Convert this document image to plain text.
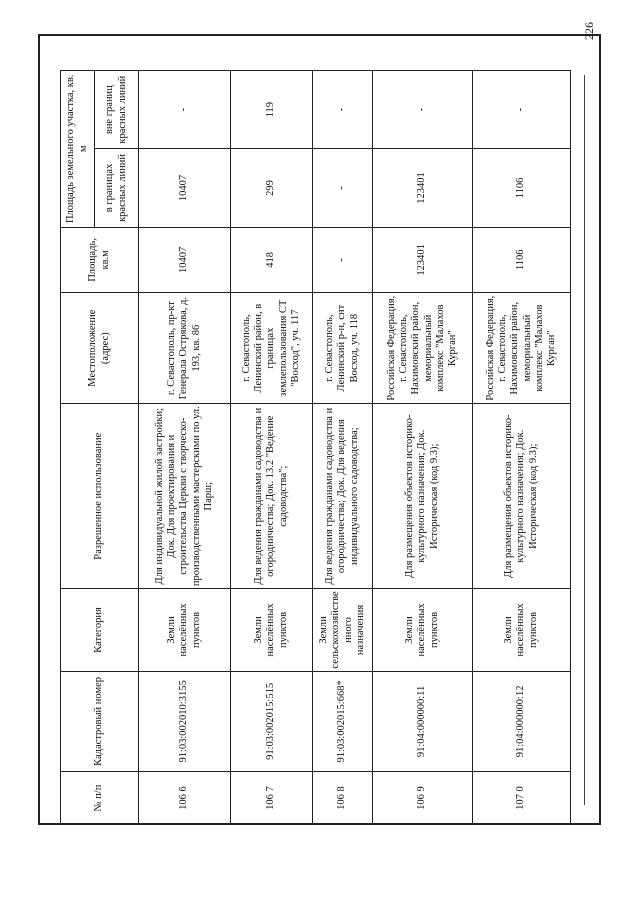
226
№ п/п	Кадастровый номер	Категория	Разрешенное использование	Местоположение (адрес)	Площадь, кв.м	Площадь земельного участка, кв. м	
						в границах красных линий	вне границ красных линий
106 6	91:03:002010:3155	Земли населённых пунктов	Для индивидуальной жилой застройки; Док. Для проектирования и строительства Церкви с творческо-производственными мастерскими по ул. Парш;	г. Севастополь, пр-кт Генерала Острякова, д. 193, кв. 86	10407	10407	-
106 7	91:03:002015:515	Земли населённых пунктов	Для ведения гражданами садоводства и огородничества; Док. 13.2 "Ведение садоводства";	г. Севастополь, Ленинский район, в границах землепользования СТ "Восход", уч. 117	418	299	119
106 8	91:03:002015:668*	Земли сельскохозяйственного назначения	Для ведения гражданами садоводства и огородничества; Док. Для ведения индивидуального садоводства;	г. Севастополь, Ленинский р-н, снт Восход, уч. 118	-	-	-
106 9	91:04:000000:11	Земли населённых пунктов	Для размещения объектов историко-культурного назначения; Док. Историческая (код 9.3);	Российская Федерация, г. Севастополь, Нахимовский район, мемориальный комплекс "Малахов Курган"	123401	123401	-
107 0	91:04:000000:12	Земли населённых пунктов	Для размещения объектов историко-культурного назначения; Док. Историческая (код 9.3);	Российская Федерация, г. Севастополь, Нахимовский район, мемориальный комплекс "Малахов Курган"	1106	1106	-
